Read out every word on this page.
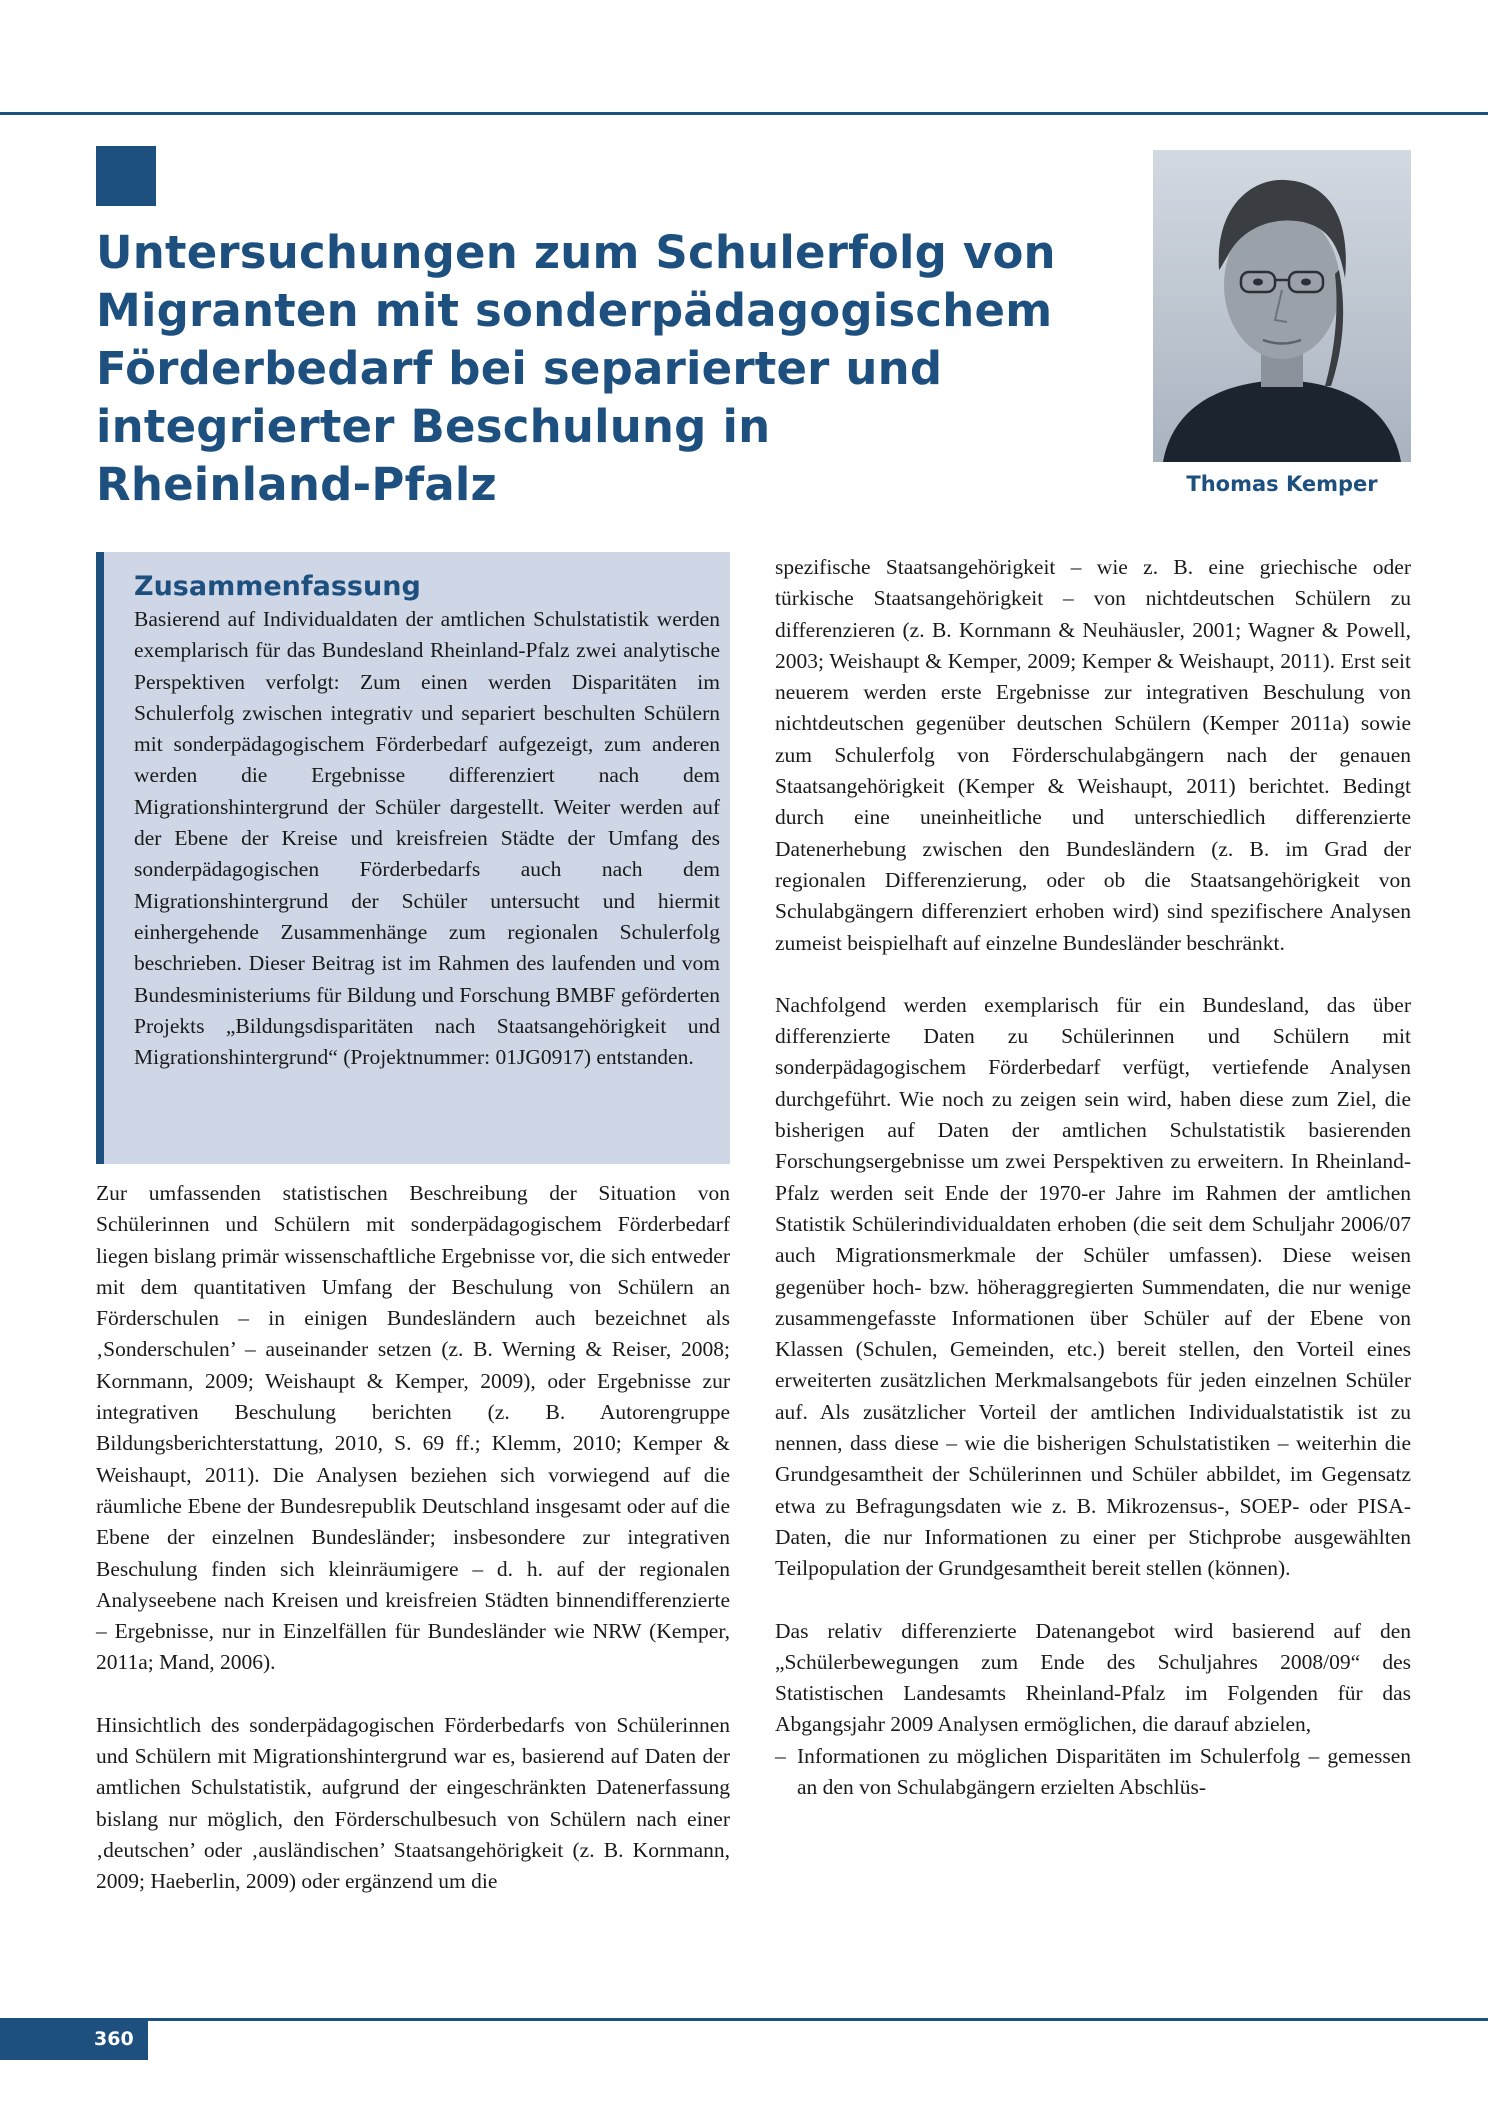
Untersuchungen zum Schulerfolg von Migranten mit sonderpädagogischem Förderbedarf bei separierter und integrierter Beschulung in Rheinland-Pfalz	Thomas Kemper
Zusammenfassung

Basierend auf Individualdaten der amtlichen Schulstatistik werden exemplarisch für das Bundesland Rheinland-Pfalz zwei analytische Perspektiven verfolgt: Zum einen werden Disparitäten im Schulerfolg zwischen integrativ und separiert beschulten Schülern mit sonderpädagogischem Förderbedarf aufgezeigt, zum anderen werden die Ergebnisse differenziert nach dem Migrationshintergrund der Schüler dargestellt. Weiter werden auf der Ebene der Kreise und kreisfreien Städte der Umfang des sonderpädagogischen Förderbedarfs auch nach dem Migrationshintergrund der Schüler untersucht und hiermit einhergehende Zusammenhänge zum regionalen Schulerfolg beschrieben. Dieser Beitrag ist im Rahmen des laufenden und vom Bundesministeriums für Bildung und Forschung BMBF geförderten Projekts „Bildungsdisparitäten nach Staatsangehörigkeit und Migrationshintergrund“ (Projektnummer: 01JG0917) entstanden.

Zur umfassenden statistischen Beschreibung der Situation von Schülerinnen und Schülern mit sonderpädagogischem Förderbedarf liegen bislang primär wissenschaftliche Ergebnisse vor, die sich entweder mit dem quantitativen Umfang der Beschulung von Schülern an Förderschulen – in einigen Bundesländern auch bezeichnet als ‚Sonderschulen’ – auseinander setzen (z. B. Werning & Reiser, 2008; Kornmann, 2009; Weishaupt & Kemper, 2009), oder Ergebnisse zur integrativen Beschulung berichten (z. B. Autorengruppe Bildungsberichterstattung, 2010, S. 69 ff.; Klemm, 2010; Kemper & Weishaupt, 2011). Die Analysen beziehen sich vorwiegend auf die räumliche Ebene der Bundesrepublik Deutschland insgesamt oder auf die Ebene der einzelnen Bundesländer; insbesondere zur integrativen Beschulung finden sich kleinräumigere – d. h. auf der regionalen Analyseebene nach Kreisen und kreisfreien Städten binnendifferenzierte – Ergebnisse, nur in Einzelfällen für Bundesländer wie NRW (Kemper, 2011a; Mand, 2006).

Hinsichtlich des sonderpädagogischen Förderbedarfs von Schülerinnen und Schülern mit Migrationshintergrund war es, basierend auf Daten der amtlichen Schulstatistik, aufgrund der eingeschränkten Datenerfassung bislang nur möglich, den Förderschulbesuch von Schülern nach einer ‚deutschen’ oder ‚ausländischen’ Staatsangehörigkeit (z. B. Kornmann, 2009; Haeberlin, 2009) oder ergänzend um die

spezifische Staatsangehörigkeit – wie z. B. eine griechische oder türkische Staatsangehörigkeit – von nichtdeutschen Schülern zu differenzieren (z. B. Kornmann & Neuhäusler, 2001; Wagner & Powell, 2003; Weishaupt & Kemper, 2009; Kemper & Weishaupt, 2011). Erst seit neuerem werden erste Ergebnisse zur integrativen Beschulung von nichtdeutschen gegenüber deutschen Schülern (Kemper 2011a) sowie zum Schulerfolg von Förderschulabgängern nach der genauen Staatsangehörigkeit (Kemper & Weishaupt, 2011) berichtet. Bedingt durch eine uneinheitliche und unterschiedlich differenzierte Datenerhebung zwischen den Bundesländern (z. B. im Grad der regionalen Differenzierung, oder ob die Staatsangehörigkeit von Schulabgängern differenziert erhoben wird) sind spezifischere Analysen zumeist beispielhaft auf einzelne Bundesländer beschränkt.

Nachfolgend werden exemplarisch für ein Bundesland, das über differenzierte Daten zu Schülerinnen und Schülern mit sonderpädagogischem Förderbedarf verfügt, vertiefende Analysen durchgeführt. Wie noch zu zeigen sein wird, haben diese zum Ziel, die bisherigen auf Daten der amtlichen Schulstatistik basierenden Forschungsergebnisse um zwei Perspektiven zu erweitern. In Rheinland-Pfalz werden seit Ende der 1970-er Jahre im Rahmen der amtlichen Statistik Schülerindividualdaten erhoben (die seit dem Schuljahr 2006/07 auch Migrationsmerkmale der Schüler umfassen). Diese weisen gegenüber hoch- bzw. höheraggregierten Summendaten, die nur wenige zusammengefasste Informationen über Schüler auf der Ebene von Klassen (Schulen, Gemeinden, etc.) bereit stellen, den Vorteil eines erweiterten zusätzlichen Merkmalsangebots für jeden einzelnen Schüler auf. Als zusätzlicher Vorteil der amtlichen Individualstatistik ist zu nennen, dass diese – wie die bisherigen Schulstatistiken – weiterhin die Grundgesamtheit der Schülerinnen und Schüler abbildet, im Gegensatz etwa zu Befragungsdaten wie z. B. Mikrozensus-, SOEP- oder PISA-Daten, die nur Informationen zu einer per Stichprobe ausgewählten Teilpopulation der Grundgesamtheit bereit stellen (können).

Das relativ differenzierte Datenangebot wird basierend auf den „Schülerbewegungen zum Ende des Schuljahres 2008/09“ des Statistischen Landesamts Rheinland-Pfalz im Folgenden für das Abgangsjahr 2009 Analysen ermöglichen, die darauf abzielen,

– Informationen zu möglichen Disparitäten im Schulerfolg – gemessen an den von Schulabgängern erzielten Abschlüs-
360
